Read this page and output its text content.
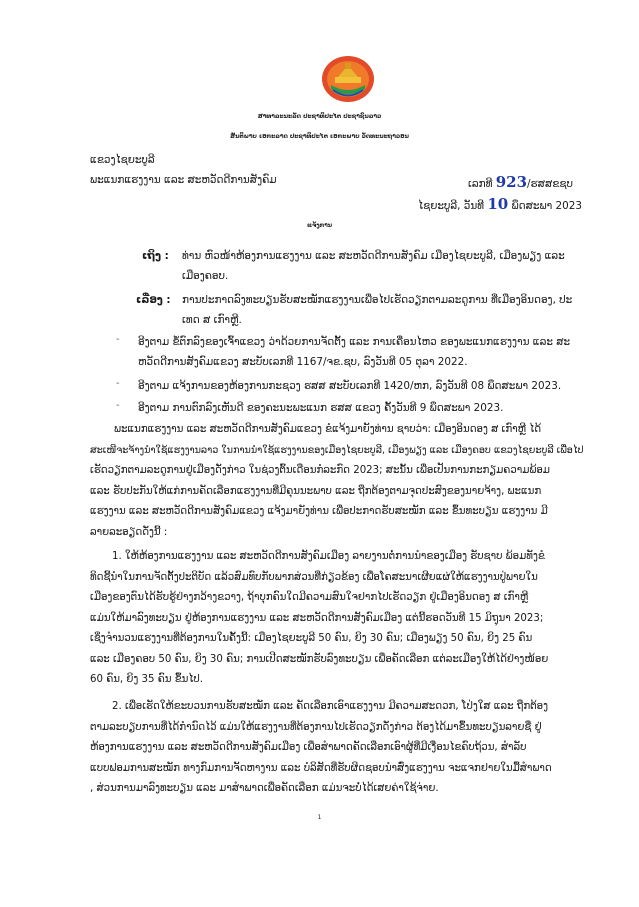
ສາທາລະນະລັດ ປະຊາທິປະໄຕ ປະຊາຊົນລາວ
ສັນຕິພາບ ເອກະລາດ ປະຊາທິປະໄຕ ເອກະພາບ ວັດທະນະຖາວອນ
ແຂວງໄຊຍະບູລີ
ພະແນກແຮງງານ ແລະ ສະຫວັດດີການສັງຄົມ	ເລກທີ 923/ຮສສຂຊບ
ໄຊຍະບູລີ, ວັນທີ 10 ພຶດສະພາ 2023
ແຈ້ງການ
ເຖິງ : ທ່ານ ຫົວໜ້າຫ້ອງການແຮງງານ ແລະ ສະຫວັດດີການສັງຄົມ ເມືອງໄຊຍະບູລີ, ເມືອງພຽງ ແລະ
ເມືອງຄອບ.
ເລື່ອງ : ການປະກາດລົງທະບຽນຮັບສະໝັກແຮງງານເພື່ອໄປເຮັດວຽກຕາມລະດູການ ທີ່ເມືອງອິນດອງ, ປະ
ເທດ ສ ເກົາຫຼີ.
- ອີງຕາມ ຂໍ້ຕົກລົງຂອງເຈົ້າແຂວງ ວ່າດ້ວຍການຈັດຕັ້ງ ແລະ ການເຄື່ອນໄຫວ ຂອງພະແນກແຮງງານ ແລະ ສະ
ຫວັດດີການສັງຄົມແຂວງ ສະບັບເລກທີ 1167/ຈຂ.ຊບ, ລົງວັນທີ 05 ຕຸລາ 2022.
- ອີງຕາມ ແຈ້ງການຂອງຫ້ອງການກະຊວງ ຮສສ ສະບັບເລກທີ 1420/ຫກ, ລົງວັນທີ 08 ພຶດສະພາ 2023.
- ອີງຕາມ ການຕົກລົງເຫັນດີ ຂອງຄະນະພະແນກ ຮສສ ແຂວງ ຄັ້ງວັນທີ 9 ພຶດສະພາ 2023.
ພະແນກແຮງງານ ແລະ ສະຫວັດດີການສັງຄົມແຂວງ ຂໍແຈ້ງມາຍັງທ່ານ ຊາບວ່າ: ເມືອງອິນດອງ ສ ເກົາຫຼີ ໄດ້
ສະເໜີຈະຈ້າງນຳໃຊ້ແຮງງານລາວ ໃນການນຳໃຊ້ແຮງງານຂອງເມືອງໄຊຍະບູລີ, ເມືອງພຽງ ແລະ ເມືອງຄອບ ແຂວງໄຊຍະບູລີ ເພື່ອໄປ
ເຮັດວຽກຕາມລະດູການຢູ່ເມືອງດັ່ງກ່າວ ໃນຊ່ວງຕົ້ນເດືອນກໍລະກົດ 2023; ສະນັ້ນ ເພື່ອເປັນການກະກຽມຄວາມພ້ອມ
ແລະ ຮັບປະກັນໃຫ້ແກ່ການຄັດເລືອກແຮງງານທີ່ມີຄຸນນະພາບ ແລະ ຖືກຕ້ອງຕາມຈຸດປະສົງຂອງນາຍຈ້າງ, ພະແນກ
ແຮງງານ ແລະ ສະຫວັດດີການສັງຄົມແຂວງ ແຈ້ງມາຍັງທ່ານ ເພື່ອປະກາດຮັບສະໝັກ ແລະ ຂຶ້ນທະບຽນ ແຮງງານ ມີ
ລາຍລະອຽດດັ່ງນີ້ :
1. ໃຫ້ຫ້ອງການແຮງງານ ແລະ ສະຫວັດດີການສັງຄົມເມືອງ ລາຍງານຕໍ່ການນຳຂອງເມືອງ ຮັບຊາບ ພ້ອມທັງຂໍ
ທິດຊີ້ນຳໃນການຈັດຕັ້ງປະຕິບັດ ແລ້ວສົມທົບກັບພາກສ່ວນທີ່ກ່ຽວຂ້ອງ ເພື່ອໂຄສະນາເຜີຍແຜ່ໃຫ້ແຮງງານປູ່ພາຍໃນ
ເມືອງຂອງຕົນໄດ້ຮັບຮູ້ຢ່າງກວ້າງຂວາງ, ຖ້າບຸກຄົນໃດມີຄວາມສົນໃຈຢາກໄປເຮັດວຽກ ຢູ່ເມືອງອິນດອງ ສ ເກົາຫຼີ
ແມ່ນໃຫ້ມາລົງທະບຽນ ຢູ່ຫ້ອງການແຮງງານ ແລະ ສະຫວັດດີການສັງຄົມເມືອງ ແຕ່ນີ້ຮອດວັນທີ 15 ມິຖຸນາ 2023;
ເຊິ່ງຈຳນວນແຮງງານທີ່ຕ້ອງການໃນຄັ້ງນີ້: ເມືອງໄຊຍະບູລີ 50 ຄົນ, ຍິງ 30 ຄົນ; ເມືອງພຽງ 50 ຄົນ, ຍິງ 25 ຄົນ
ແລະ ເມືອງຄອບ 50 ຄົນ, ຍິງ 30 ຄົນ; ການເປີດສະໝັກຮັບລົງທະບຽນ ເພື່ອຄັດເລືອກ ແຕ່ລະເມືອງໃຫ້ໄດ້ຢ່າງໜ້ອຍ
60 ຄົນ, ຍິງ 35 ຄົນ ຂຶ້ນໄປ.
2. ເພື່ອເຮັດໃຫ້ຂະບວນການຮັບສະໝັກ ແລະ ຄັດເລືອກເອົາແຮງງານ ມີຄວາມສະດວກ, ໂປ່ງໃສ ແລະ ຖືກຕ້ອງ
ຕາມລະບຽບການທີ່ໄດ້ກຳນົດໄວ້ ແມ່ນໃຫ້ແຮງງານທີ່ຕ້ອງການໄປເຮັດວຽກດັ່ງກ່າວ ຕ້ອງໄດ້ມາຂຶ້ນທະບຽນລາຍຊື່ ຢູ່
ຫ້ອງການແຮງງານ ແລະ ສະຫວັດດີການສັງຄົມເມືອງ ເພື່ອສຳພາດຄັດເລືອກເອົາຜູ້ທີ່ມີເງື່ອນໄຂຄົບຖ້ວນ, ສຳລັບ
ແບບຟອມການສະໝັກ ທາງກົມການຈັດຫາງານ ແລະ ບໍລິສັດທີ່ຮັບຜິດຊອບນຳສົ່ງແຮງງານ ຈະແຈກຢາຍໃນມື້ສຳພາດ
, ສ່ວນການມາລົງທະບຽນ ແລະ ມາສຳພາດເພື່ອຄັດເລືອກ ແມ່ນຈະບໍ່ໄດ້ເສຍຄ່າໃຊ້ຈ່າຍ.
1
